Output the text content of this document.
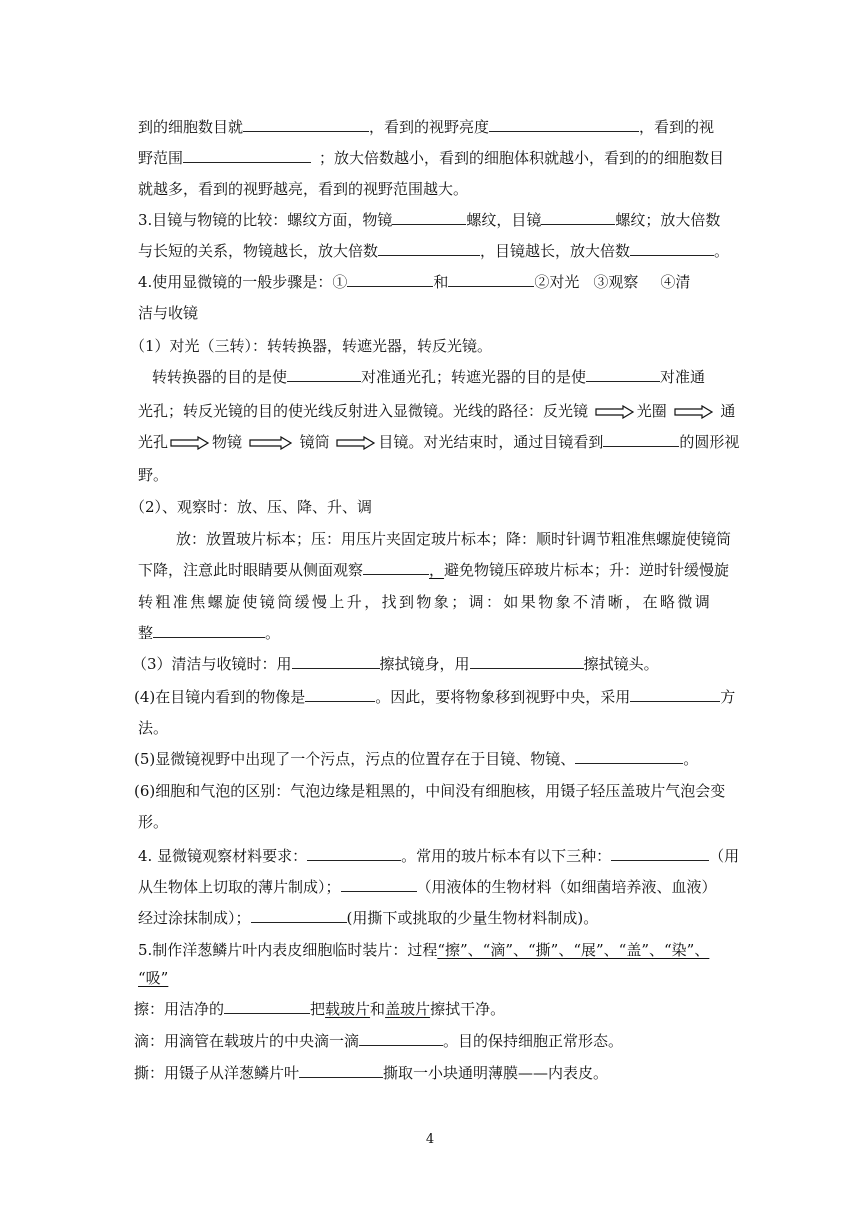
到的细胞数目就	，看到的视野亮度	，看到的视
野范围	；放大倍数越小，看到的细胞体积就越小，看到的的细胞数目
就越多，看到的视野越亮，看到的视野范围越大。
3.目镜与物镜的比较：螺纹方面，物镜	螺纹，目镜	螺纹；放大倍数
与长短的关系，物镜越长，放大倍数	，目镜越长，放大倍数	。
4.使用显微镜的一般步骤是：①	和	②对光 ③观察 ④清
洁与收镜
（1）对光（三转）：转转换器，转遮光器，转反光镜。
转转换器的目的是使	对准通光孔；转遮光器的目的是使	对准通
光孔；转反光镜的目的使光线反射进入显微镜。光线的路径：反光镜	光圈	通
光孔	物镜	镜筒	目镜。对光结束时，通过目镜看到	的圆形视
野。
（2）、观察时：放、压、降、升、调
放：放置玻片标本；压：用压片夹固定玻片标本；降：顺时针调节粗准焦螺旋使镜筒
下降，注意此时眼睛要从侧面观察	，避免物镜压碎玻片标本；升：逆时针缓慢旋
转粗准焦螺旋使镜筒缓慢上升，找到物象；调：如果物象不清晰，在略微调
整	。
（3）清洁与收镜时：用	擦拭镜身，用	擦拭镜头。
(4)在目镜内看到的物像是	。因此，要将物象移到视野中央，采用	方
法。
(5)显微镜视野中出现了一个污点，污点的位置存在于目镜、物镜、	。
(6)细胞和气泡的区别：气泡边缘是粗黑的，中间没有细胞核，用镊子轻压盖玻片气泡会变
形。
4. 显微镜观察材料要求：	。常用的玻片标本有以下三种：	（用
从生物体上切取的薄片制成）；	（用液体的生物材料（如细菌培养液、血液）
经过涂抹制成）；	(用撕下或挑取的少量生物材料制成)。
5.制作洋葱鳞片叶内表皮细胞临时装片：过程“擦”、“滴”、“撕”、“展”、“盖”、“染”、
“吸”
擦：用洁净的	把载玻片和盖玻片擦拭干净。
滴：用滴管在载玻片的中央滴一滴	。目的保持细胞正常形态。
撕：用镊子从洋葱鳞片叶	撕取一小块通明薄膜——内表皮。
4
